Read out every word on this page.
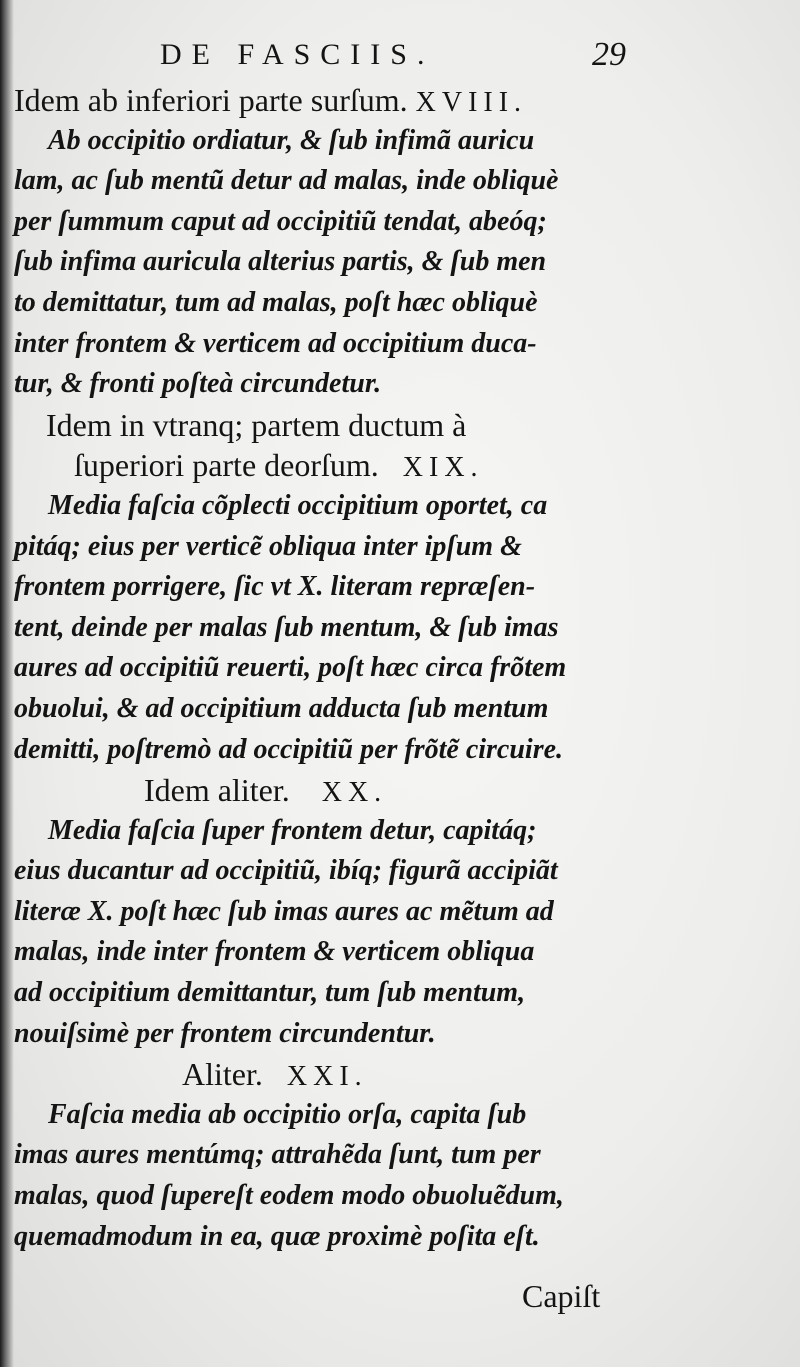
DE FASCIIS.	29
Idem ab inferiori parte surſum. XVIII.
Ab occipitio ordiatur, & ſub infimã auricu
lam, ac ſub mentũ detur ad malas, inde obliquè
per ſummum caput ad occipitiũ tendat, abeóq;
ſub infima auricula alterius partis, & ſub men
to demittatur, tum ad malas, poſt hæc obliquè
inter frontem & verticem ad occipitium duca-
tur, & fronti poſteà circundetur.
Idem in vtranq; partem ductum à
ſuperiori parte deorſum. XIX.
Media faſcia cõplecti occipitium oportet, ca
pitáq; eius per verticẽ obliqua inter ipſum &
frontem porrigere, ſic vt X. literam repræſen-
tent, deinde per malas ſub mentum, & ſub imas
aures ad occipitiũ reuerti, poſt hæc circa frõtem
obuolui, & ad occipitium adducta ſub mentum
demitti, poſtremò ad occipitiũ per frõtẽ circuire.
Idem aliter. XX.
Media faſcia ſuper frontem detur, capitáq;
eius ducantur ad occipitiũ, ibíq; figurã accipiãt
literæ X. poſt hæc ſub imas aures ac mẽtum ad
malas, inde inter frontem & verticem obliqua
ad occipitium demittantur, tum ſub mentum,
nouiſsimè per frontem circundentur.
Aliter. XXI.
Faſcia media ab occipitio orſa, capita ſub
imas aures mentúmq; attrahẽda ſunt, tum per
malas, quod ſupereſt eodem modo obuoluẽdum,
quemadmodum in ea, quæ proximè poſita eſt.
Capiſt
